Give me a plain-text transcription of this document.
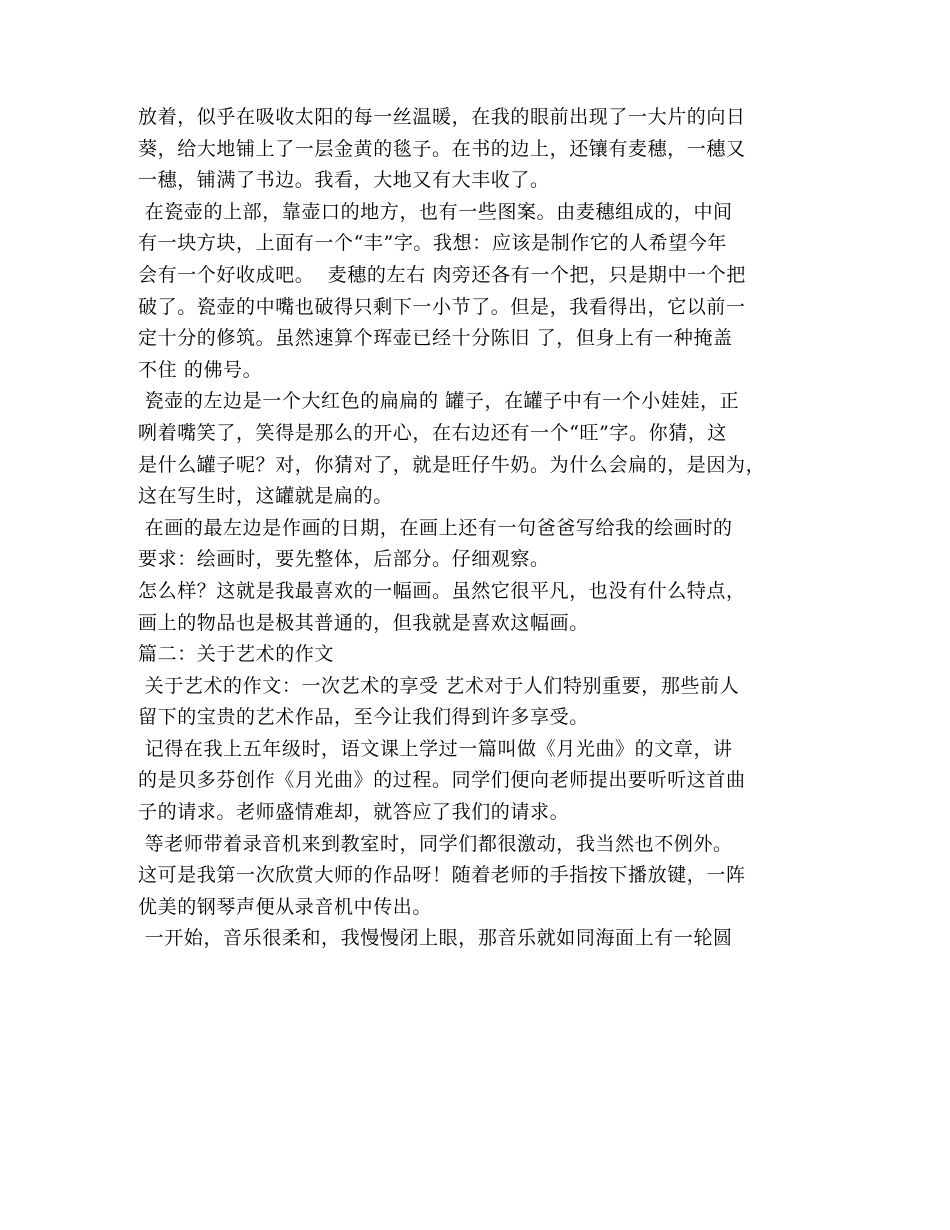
放着，似乎在吸收太阳的每一丝温暖，在我的眼前出现了一大片的向日
葵，给大地铺上了一层金黄的毯子。在书的边上，还镶有麦穗，一穗又
一穗，铺满了书边。我看，大地又有大丰收了。
在瓷壶的上部，靠壶口的地方，也有一些图案。由麦穗组成的，中间
有一块方块，上面有一个“丰”字。我想：应该是制作它的人希望今年
会有一个好收成吧。  麦穗的左右 肉旁还各有一个把，只是期中一个把
破了。瓷壶的中嘴也破得只剩下一小节了。但是，我看得出，它以前一
定十分的修筑。虽然速算个珲壶已经十分陈旧 了，但身上有一种掩盖
不住 的佛号。
瓷壶的左边是一个大红色的扁扁的 罐子，在罐子中有一个小娃娃，正
咧着嘴笑了，笑得是那么的开心，在右边还有一个“旺”字。你猜，这
是什么罐子呢？对，你猜对了，就是旺仔牛奶。为什么会扁的，是因为，
这在写生时，这罐就是扁的。
在画的最左边是作画的日期，在画上还有一句爸爸写给我的绘画时的
要求：绘画时，要先整体，后部分。仔细观察。
怎么样？这就是我最喜欢的一幅画。虽然它很平凡，也没有什么特点，
画上的物品也是极其普通的，但我就是喜欢这幅画。
篇二：关于艺术的作文
关于艺术的作文：一次艺术的享受 艺术对于人们特别重要，那些前人
留下的宝贵的艺术作品，至今让我们得到许多享受。
记得在我上五年级时，语文课上学过一篇叫做《月光曲》的文章，讲
的是贝多芬创作《月光曲》的过程。同学们便向老师提出要听听这首曲
子的请求。老师盛情难却，就答应了我们的请求。
等老师带着录音机来到教室时，同学们都很激动，我当然也不例外。
这可是我第一次欣赏大师的作品呀！随着老师的手指按下播放键，一阵
优美的钢琴声便从录音机中传出。
一开始，音乐很柔和，我慢慢闭上眼，那音乐就如同海面上有一轮圆
